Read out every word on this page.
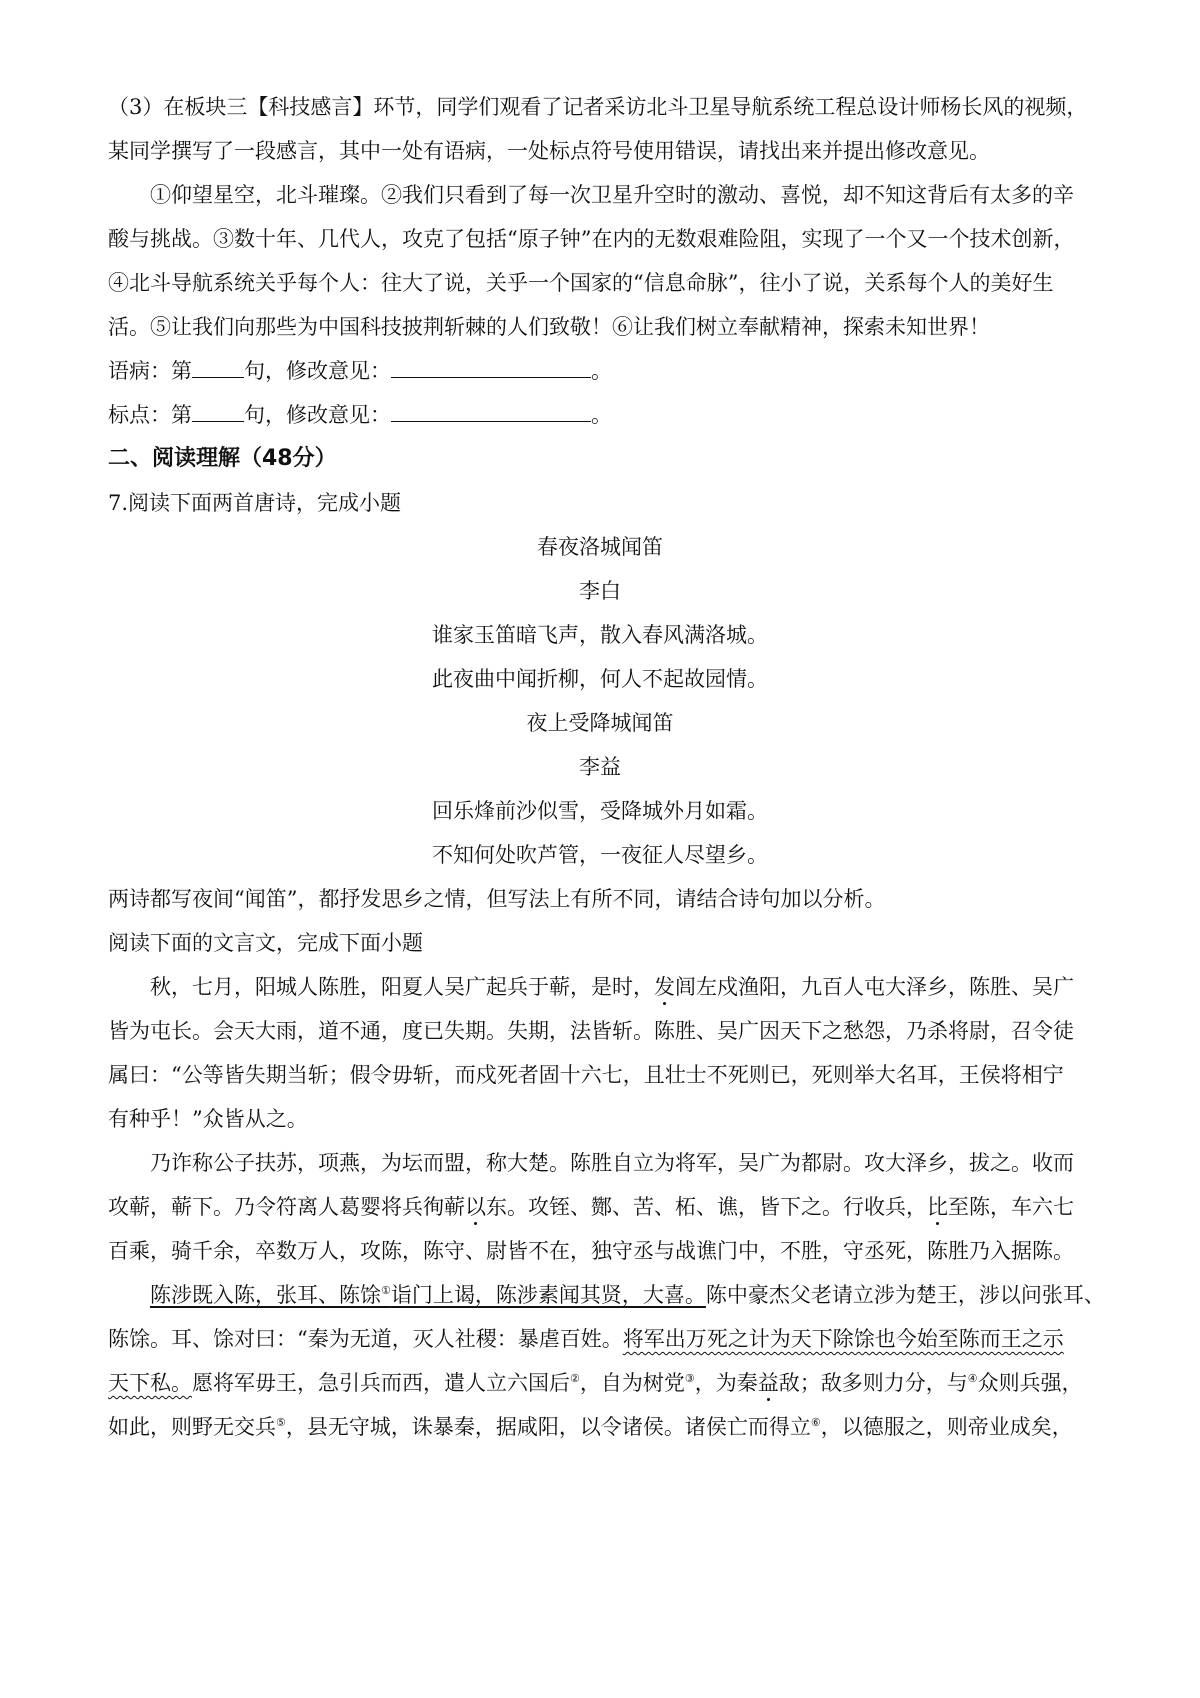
（3）在板块三【科技感言】环节，同学们观看了记者采访北斗卫星导航系统工程总设计师杨长风的视频，
某同学撰写了一段感言，其中一处有语病，一处标点符号使用错误，请找出来并提出修改意见。
①仰望星空，北斗璀璨。②我们只看到了每一次卫星升空时的激动、喜悦，却不知这背后有太多的辛
酸与挑战。③数十年、几代人，攻克了包括“原子钟”在内的无数艰难险阻，实现了一个又一个技术创新，
④北斗导航系统关乎每个人：往大了说，关乎一个国家的“信息命脉”，往小了说，关系每个人的美好生
活。⑤让我们向那些为中国科技披荆斩棘的人们致敬！⑥让我们树立奉献精神，探索未知世界！
语病：第 句，修改意见：	。
标点：第 句，修改意见：	。
二、阅读理解（48分）
7.阅读下面两首唐诗，完成小题
春夜洛城闻笛
李白
谁家玉笛暗飞声，散入春风满洛城。
此夜曲中闻折柳，何人不起故园情。
夜上受降城闻笛
李益
回乐烽前沙似雪，受降城外月如霜。
不知何处吹芦管，一夜征人尽望乡。
两诗都写夜间“闻笛”，都抒发思乡之情，但写法上有所不同，请结合诗句加以分析。
阅读下面的文言文，完成下面小题
秋，七月，阳城人陈胜，阳夏人吴广起兵于蕲，是时，发闾左戍渔阳，九百人屯大泽乡，陈胜、吴广
皆为屯长。会天大雨，道不通，度已失期。失期，法皆斩。陈胜、吴广因天下之愁怨，乃杀将尉，召令徒
属曰：“公等皆失期当斩；假令毋斩，而戍死者固十六七，且壮士不死则已，死则举大名耳，王侯将相宁
有种乎！”众皆从之。
乃诈称公子扶苏，项燕，为坛而盟，称大楚。陈胜自立为将军，吴广为都尉。攻大泽乡，拔之。收而
攻蕲，蕲下。乃令符离人葛婴将兵徇蕲以东。攻铚、酂、苦、柘、谯，皆下之。行收兵，比至陈，车六七
百乘，骑千余，卒数万人，攻陈，陈守、尉皆不在，独守丞与战谯门中，不胜，守丞死，陈胜乃入据陈。
陈涉既入陈，张耳、陈馀①诣门上谒，陈涉素闻其贤，大喜。陈中豪杰父老请立涉为楚王，涉以问张耳、
陈馀。耳、馀对曰：“秦为无道，灭人社稷：暴虐百姓。将军出万死之计为天下除馀也今始至陈而王之示
天下私。愿将军毋王，急引兵而西，遣人立六国后②，自为树党③，为秦益敌；敌多则力分，与④众则兵强，
如此，则野无交兵⑤，县无守城，诛暴秦，据咸阳，以令诸侯。诸侯亡而得立⑥，以德服之，则帝业成矣，
